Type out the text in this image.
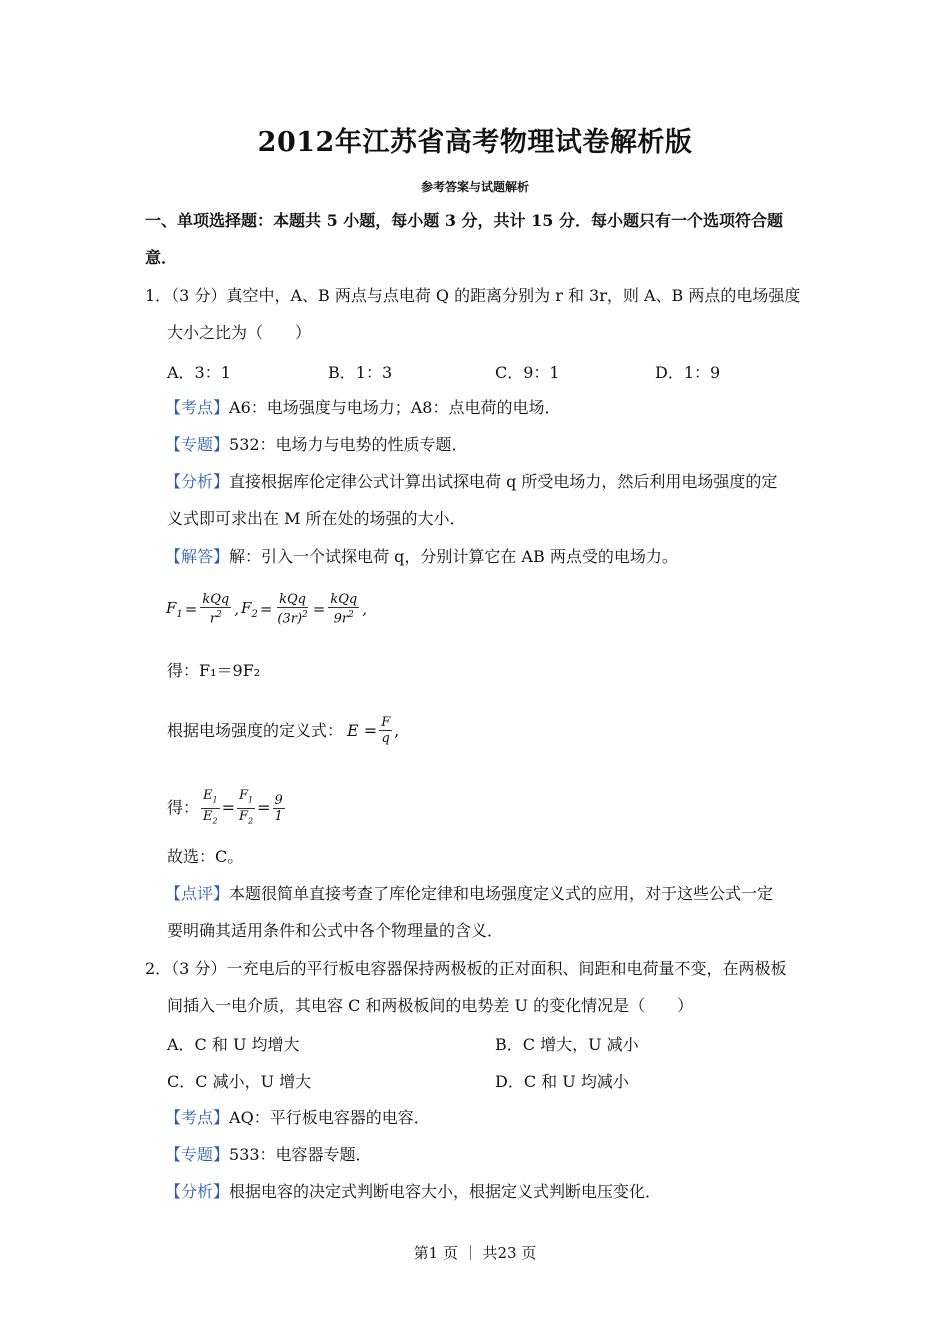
2012年江苏省高考物理试卷解析版
参考答案与试题解析
一、单项选择题：本题共 5 小题，每小题 3 分，共计 15 分．每小题只有一个选项符合题
意．
1．（3 分）真空中，A、B 两点与点电荷 Q 的距离分别为 r 和 3r，则 A、B 两点的电场强度
大小之比为（　　）
A．3：1	B．1：3	C．9：1	D．1：9
【考点】A6：电场强度与电场力；A8：点电荷的电场．
【专题】532：电场力与电势的性质专题．
【分析】直接根据库伦定律公式计算出试探电荷 q 所受电场力，然后利用电场强度的定
义式即可求出在 M 所在处的场强的大小．
【解答】解：引入一个试探电荷 q，分别计算它在 AB 两点受的电场力。
$F_1 = \frac{\text{kQq}}{r^2}$ , $F_2 = \frac{\text{kQq}}{(3r)^2} = \frac{\text{kQq}}{9r^2}$ ,
得：F₁＝9F₂
根据电场强度的定义式： $E = \frac{F}{q}$ ,
得： $\frac{E_1}{E_2} = \frac{F_1}{F_2} = \frac{9}{1}$
故选：C。
【点评】本题很简单直接考查了库伦定律和电场强度定义式的应用，对于这些公式一定
要明确其适用条件和公式中各个物理量的含义．
2．（3 分）一充电后的平行板电容器保持两极板的正对面积、间距和电荷量不变，在两极板
间插入一电介质，其电容 C 和两极板间的电势差 U 的变化情况是（　　）
A．C 和 U 均增大	B．C 增大，U 减小
C．C 减小，U 增大	D．C 和 U 均减小
【考点】AQ：平行板电容器的电容．
【专题】533：电容器专题．
【分析】根据电容的决定式判断电容大小，根据定义式判断电压变化．
第1 页 ｜ 共23 页
